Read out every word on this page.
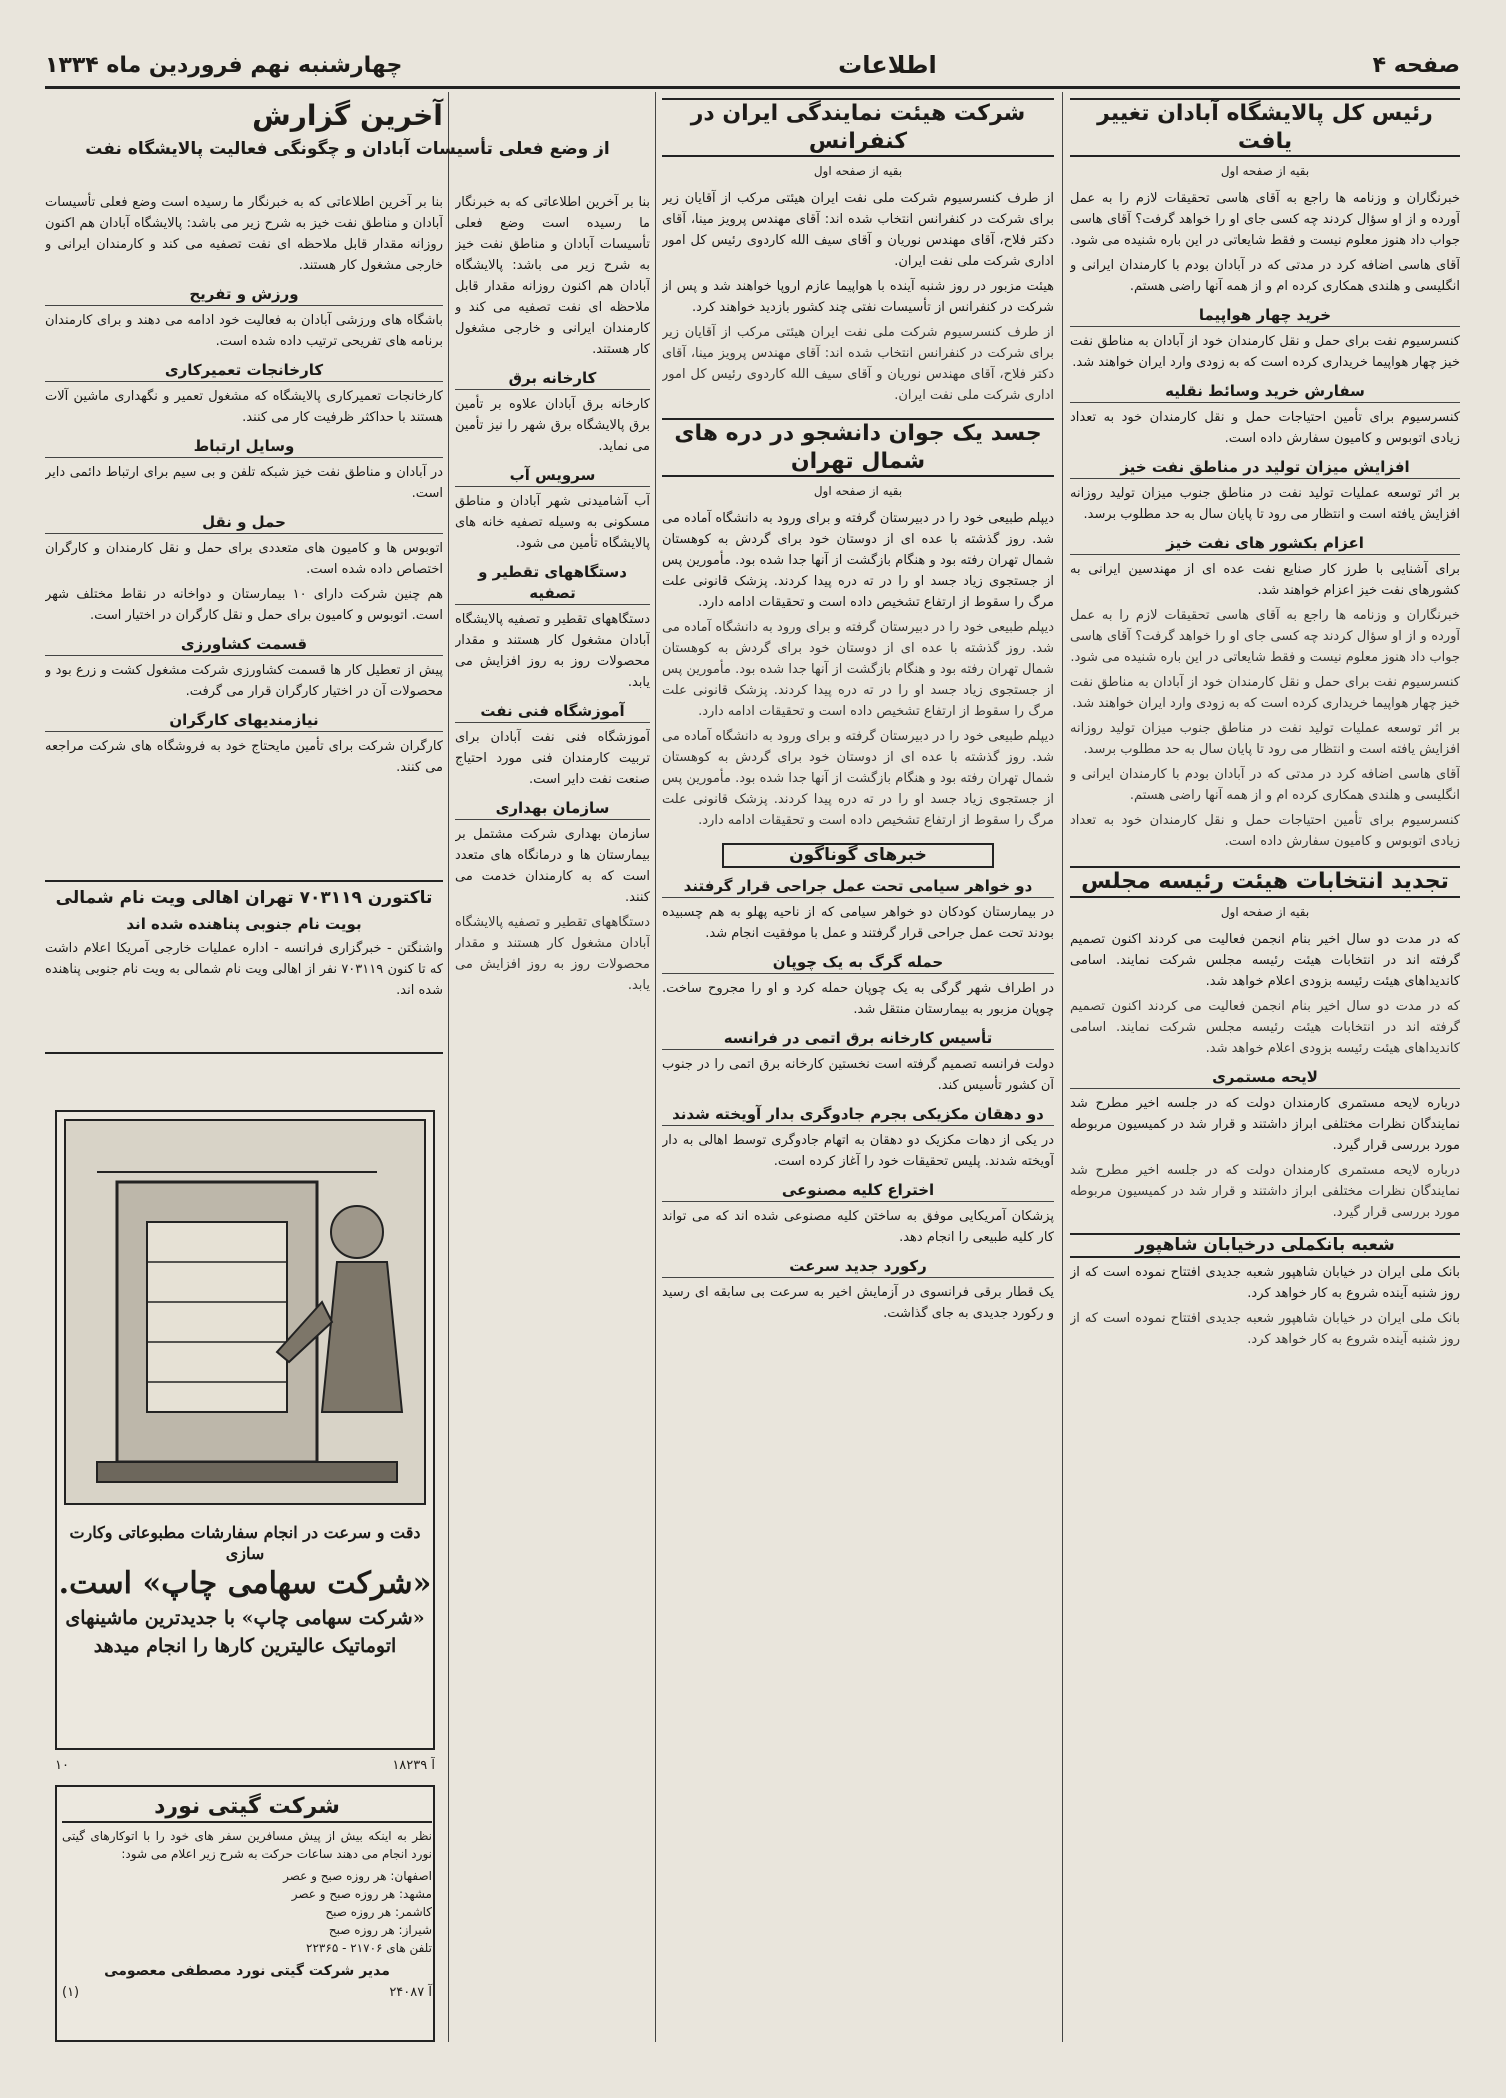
صفحه ۴
اطلاعات
چهارشنبه نهم فروردین ماه ۱۳۳۴
رئیس کل پالایشگاه آبادان تغییر یافت
بقیه از صفحه اول

خبرنگاران و وزنامه ها راجع به آقای هاسی تحقیقات لازم را به عمل آورده و از او سؤال کردند چه کسی جای او را خواهد گرفت؟ آقای هاسی جواب داد هنوز معلوم نیست و فقط شایعاتی در این باره شنیده می شود.

آقای هاسی اضافه کرد در مدتی که در آبادان بودم با کارمندان ایرانی و انگلیسی و هلندی همکاری کرده ام و از همه آنها راضی هستم.

خرید چهار هواپیما

کنسرسیوم نفت برای حمل و نقل کارمندان خود از آبادان به مناطق نفت خیز چهار هواپیما خریداری کرده است که به زودی وارد ایران خواهند شد.

سفارش خرید وسائط نقلیه

کنسرسیوم برای تأمین احتیاجات حمل و نقل کارمندان خود به تعداد زیادی اتوبوس و کامیون سفارش داده است.

افزایش میزان تولید در مناطق نفت خیز

بر اثر توسعه عملیات تولید نفت در مناطق جنوب میزان تولید روزانه افزایش یافته است و انتظار می رود تا پایان سال به حد مطلوب برسد.

اعزام بکشور های نفت خیز

برای آشنایی با طرز کار صنایع نفت عده ای از مهندسین ایرانی به کشورهای نفت خیز اعزام خواهند شد.

خبرنگاران و وزنامه ها راجع به آقای هاسی تحقیقات لازم را به عمل آورده و از او سؤال کردند چه کسی جای او را خواهد گرفت؟ آقای هاسی جواب داد هنوز معلوم نیست و فقط شایعاتی در این باره شنیده می شود.

کنسرسیوم نفت برای حمل و نقل کارمندان خود از آبادان به مناطق نفت خیز چهار هواپیما خریداری کرده است که به زودی وارد ایران خواهند شد.

بر اثر توسعه عملیات تولید نفت در مناطق جنوب میزان تولید روزانه افزایش یافته است و انتظار می رود تا پایان سال به حد مطلوب برسد.

آقای هاسی اضافه کرد در مدتی که در آبادان بودم با کارمندان ایرانی و انگلیسی و هلندی همکاری کرده ام و از همه آنها راضی هستم.

کنسرسیوم برای تأمین احتیاجات حمل و نقل کارمندان خود به تعداد زیادی اتوبوس و کامیون سفارش داده است.

تجدید انتخابات هیئت رئیسه مجلس
بقیه از صفحه اول

که در مدت دو سال اخیر بنام انجمن فعالیت می کردند اکنون تصمیم گرفته اند در انتخابات هیئت رئیسه مجلس شرکت نمایند. اسامی کاندیداهای هیئت رئیسه بزودی اعلام خواهد شد.

که در مدت دو سال اخیر بنام انجمن فعالیت می کردند اکنون تصمیم گرفته اند در انتخابات هیئت رئیسه مجلس شرکت نمایند. اسامی کاندیداهای هیئت رئیسه بزودی اعلام خواهد شد.

لایحه مستمری

درباره لایحه مستمری کارمندان دولت که در جلسه اخیر مطرح شد نمایندگان نظرات مختلفی ابراز داشتند و قرار شد در کمیسیون مربوطه مورد بررسی قرار گیرد.

درباره لایحه مستمری کارمندان دولت که در جلسه اخیر مطرح شد نمایندگان نظرات مختلفی ابراز داشتند و قرار شد در کمیسیون مربوطه مورد بررسی قرار گیرد.

شعبه بانکملی درخیابان شاهپور

بانک ملی ایران در خیابان شاهپور شعبه جدیدی افتتاح نموده است که از روز شنبه آینده شروع به کار خواهد کرد.

بانک ملی ایران در خیابان شاهپور شعبه جدیدی افتتاح نموده است که از روز شنبه آینده شروع به کار خواهد کرد.

شرکت هیئت نمایندگی ایران در کنفرانس
بقیه از صفحه اول

از طرف کنسرسیوم شرکت ملی نفت ایران هیئتی مرکب از آقایان زیر برای شرکت در کنفرانس انتخاب شده اند: آقای مهندس پرویز مینا، آقای دکتر فلاح، آقای مهندس نوریان و آقای سیف الله کاردوی رئیس کل امور اداری شرکت ملی نفت ایران.

هیئت مزبور در روز شنبه آینده با هواپیما عازم اروپا خواهند شد و پس از شرکت در کنفرانس از تأسیسات نفتی چند کشور بازدید خواهند کرد.

از طرف کنسرسیوم شرکت ملی نفت ایران هیئتی مرکب از آقایان زیر برای شرکت در کنفرانس انتخاب شده اند: آقای مهندس پرویز مینا، آقای دکتر فلاح، آقای مهندس نوریان و آقای سیف الله کاردوی رئیس کل امور اداری شرکت ملی نفت ایران.

جسد یک جوان دانشجو در دره های شمال تهران
بقیه از صفحه اول

دیپلم طبیعی خود را در دبیرستان گرفته و برای ورود به دانشگاه آماده می شد. روز گذشته با عده ای از دوستان خود برای گردش به کوهستان شمال تهران رفته بود و هنگام بازگشت از آنها جدا شده بود. مأمورین پس از جستجوی زیاد جسد او را در ته دره پیدا کردند. پزشک قانونی علت مرگ را سقوط از ارتفاع تشخیص داده است و تحقیقات ادامه دارد.

دیپلم طبیعی خود را در دبیرستان گرفته و برای ورود به دانشگاه آماده می شد. روز گذشته با عده ای از دوستان خود برای گردش به کوهستان شمال تهران رفته بود و هنگام بازگشت از آنها جدا شده بود. مأمورین پس از جستجوی زیاد جسد او را در ته دره پیدا کردند. پزشک قانونی علت مرگ را سقوط از ارتفاع تشخیص داده است و تحقیقات ادامه دارد.

دیپلم طبیعی خود را در دبیرستان گرفته و برای ورود به دانشگاه آماده می شد. روز گذشته با عده ای از دوستان خود برای گردش به کوهستان شمال تهران رفته بود و هنگام بازگشت از آنها جدا شده بود. مأمورین پس از جستجوی زیاد جسد او را در ته دره پیدا کردند. پزشک قانونی علت مرگ را سقوط از ارتفاع تشخیص داده است و تحقیقات ادامه دارد.

خبرهای گوناگون
دو خواهر سیامی تحت عمل جراحی قرار گرفتند

در بیمارستان کودکان دو خواهر سیامی که از ناحیه پهلو به هم چسبیده بودند تحت عمل جراحی قرار گرفتند و عمل با موفقیت انجام شد.

حمله گرگ به یک چوپان

در اطراف شهر گرگی به یک چوپان حمله کرد و او را مجروح ساخت. چوپان مزبور به بیمارستان منتقل شد.

تأسیس کارخانه برق اتمی در فرانسه

دولت فرانسه تصمیم گرفته است نخستین کارخانه برق اتمی را در جنوب آن کشور تأسیس کند.

دو دهقان مکزیکی بجرم جادوگری بدار آویخته شدند

در یکی از دهات مکزیک دو دهقان به اتهام جادوگری توسط اهالی به دار آویخته شدند. پلیس تحقیقات خود را آغاز کرده است.

اختراع کلیه مصنوعی

پزشکان آمریکایی موفق به ساختن کلیه مصنوعی شده اند که می تواند کار کلیه طبیعی را انجام دهد.

رکورد جدید سرعت

یک قطار برقی فرانسوی در آزمایش اخیر به سرعت بی سابقه ای رسید و رکورد جدیدی به جای گذاشت.

آخرین گزارش
از وضع فعلی تأسیسات آبادان و چگونگی فعالیت پالایشگاه نفت

بنا بر آخرین اطلاعاتی که به خبرنگار ما رسیده است وضع فعلی تأسیسات آبادان و مناطق نفت خیز به شرح زیر می باشد: پالایشگاه آبادان هم اکنون روزانه مقدار قابل ملاحظه ای نفت تصفیه می کند و کارمندان ایرانی و خارجی مشغول کار هستند.

کارخانه برق

کارخانه برق آبادان علاوه بر تأمین برق پالایشگاه برق شهر را نیز تأمین می نماید.

سرویس آب

آب آشامیدنی شهر آبادان و مناطق مسکونی به وسیله تصفیه خانه های پالایشگاه تأمین می شود.

دستگاههای تقطیر و تصفیه

دستگاههای تقطیر و تصفیه پالایشگاه آبادان مشغول کار هستند و مقدار محصولات روز به روز افزایش می یابد.

آموزشگاه فنی نفت

آموزشگاه فنی نفت آبادان برای تربیت کارمندان فنی مورد احتیاج صنعت نفت دایر است.

سازمان بهداری

سازمان بهداری شرکت مشتمل بر بیمارستان ها و درمانگاه های متعدد است که به کارمندان خدمت می کنند.

دستگاههای تقطیر و تصفیه پالایشگاه آبادان مشغول کار هستند و مقدار محصولات روز به روز افزایش می یابد.

بنا بر آخرین اطلاعاتی که به خبرنگار ما رسیده است وضع فعلی تأسیسات آبادان و مناطق نفت خیز به شرح زیر می باشد: پالایشگاه آبادان هم اکنون روزانه مقدار قابل ملاحظه ای نفت تصفیه می کند و کارمندان ایرانی و خارجی مشغول کار هستند.

ورزش و تفریح

باشگاه های ورزشی آبادان به فعالیت خود ادامه می دهند و برای کارمندان برنامه های تفریحی ترتیب داده شده است.

کارخانجات تعمیرکاری

کارخانجات تعمیرکاری پالایشگاه که مشغول تعمیر و نگهداری ماشین آلات هستند با حداکثر ظرفیت کار می کنند.

وسایل ارتباط

در آبادان و مناطق نفت خیز شبکه تلفن و بی سیم برای ارتباط دائمی دایر است.

حمل و نقل

اتوبوس ها و کامیون های متعددی برای حمل و نقل کارمندان و کارگران اختصاص داده شده است.

هم چنین شرکت دارای ۱۰ بیمارستان و دواخانه در نقاط مختلف شهر است. اتوبوس و کامیون برای حمل و نقل کارگران در اختیار است.

قسمت کشاورزی

پیش از تعطیل کار ها قسمت کشاورزی شرکت مشغول کشت و زرع بود و محصولات آن در اختیار کارگران قرار می گرفت.

نیازمندیهای کارگران

کارگران شرکت برای تأمین مایحتاج خود به فروشگاه های شرکت مراجعه می کنند.

تاکتورن ۷۰۳۱۱۹ تهران اهالی ویت نام شمالی
بویت نام جنوبی پناهنده شده اند

واشنگتن - خبرگزاری فرانسه - اداره عملیات خارجی آمریکا اعلام داشت که تا کنون ۷۰۳۱۱۹ نفر از اهالی ویت نام شمالی به ویت نام جنوبی پناهنده شده اند.

دقت و سرعت در انجام سفارشات مطبوعاتی وکارت سازی
«شرکت سهامی چاپ» است.
«شرکت سهامی چاپ» با جدیدترین ماشینهای
اتوماتیک عالیترین کارها را انجام میدهد
۱۰	آ ۱۸۲۳۹
شرکت گیتی نورد

نظر به اینکه بیش از پیش مسافرین سفر های خود را با اتوکارهای گیتی نورد انجام می دهند ساعات حرکت به شرح زیر اعلام می شود:

اصفهان: هر روزه صبح و عصر

مشهد: هر روزه صبح و عصر

کاشمر: هر روزه صبح

شیراز: هر روزه صبح

تلفن های ۲۱۷۰۶ - ۲۲۳۶۵

مدیر شرکت گیتی نورد مصطفی معصومی
(۱)	آ ۲۴۰۸۷
